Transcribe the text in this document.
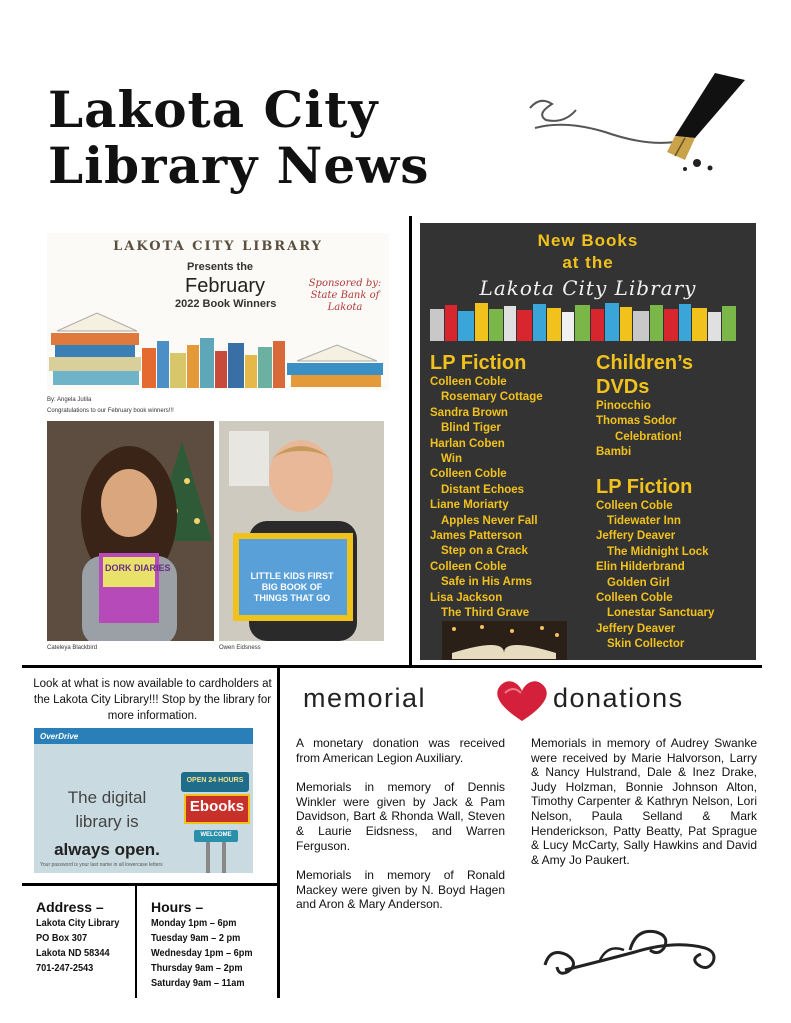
Lakota City
Library News
LAKOTA CITY LIBRARY
Presents the
February
2022 Book Winners
Sponsored by: State Bank of Lakota
By: Angela Jutila
Congratulations to our February book winners!!!
DORK DIARIES
LITTLE KIDS FIRST BIG BOOK OF THINGS THAT GO
Cateleya Blackbird	Owen Eidsness
New Books
at the
Lakota City Library
LP Fiction
Colleen Coble
Rosemary Cottage
Sandra Brown
Blind Tiger
Harlan Coben
Win
Colleen Coble
Distant Echoes
Liane Moriarty
Apples Never Fall
James Patterson
Step on a Crack
Colleen Coble
Safe in His Arms
Lisa Jackson
The Third Grave
Children’s
DVDs
Pinocchio
Thomas Sodor
Celebration!
Bambi
LP Fiction
Colleen Coble
Tidewater Inn
Jeffery Deaver
The Midnight Lock
Elin Hilderbrand
Golden Girl
Colleen Coble
Lonestar Sanctuary
Jeffery Deaver
Skin Collector
Look at what is now available to cardholders at the Lakota City Library!!! Stop by the library for more information.
OverDrive
The digital
library is
always open.
OPEN 24 HOURS
Ebooks
WELCOME
Your password is your last name in all lowercase letters
Address –
Lakota City Library
PO Box 307
Lakota ND 58344
701-247-2543
Hours –
Monday 1pm – 6pm
Tuesday 9am – 2 pm
Wednesday 1pm – 6pm
Thursday 9am – 2pm
Saturday 9am – 11am
memorial	donations

A monetary donation was received from American Legion Auxiliary.

Memorials in memory of Dennis Winkler were given by Jack & Pam Davidson, Bart & Rhonda Wall, Steven & Laurie Eidsness, and Warren Ferguson.

Memorials in memory of Ronald Mackey were given by N. Boyd Hagen and Aron & Mary Anderson.

Memorials in memory of Audrey Swanke were received by Marie Halvorson, Larry & Nancy Hulstrand, Dale & Inez Drake, Judy Holzman, Bonnie Johnson Alton, Timothy Carpenter & Kathryn Nelson, Lori Nelson, Paula Selland & Mark Henderickson, Patty Beatty, Pat Sprague & Lucy McCarty, Sally Hawkins and David & Amy Jo Paukert.
